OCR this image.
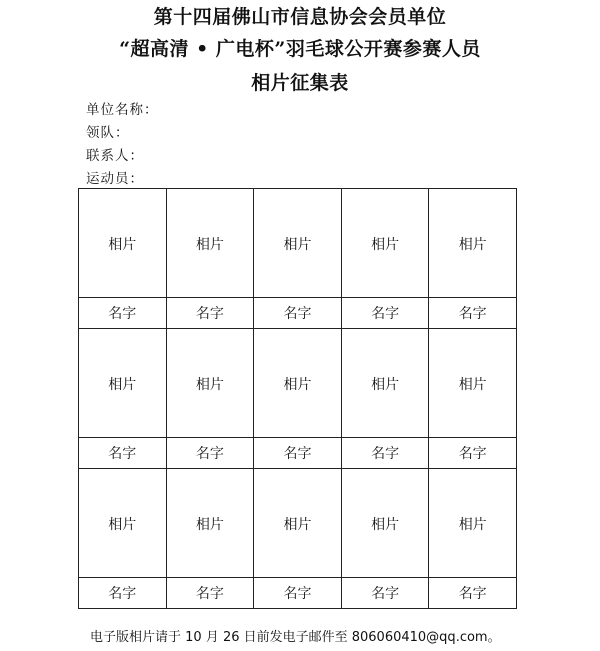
第十四届佛山市信息协会会员单位
“超高清 • 广电杯”羽毛球公开赛参赛人员
相片征集表
单位名称：
领队：
联系人：
运动员：
相片	相片	相片	相片	相片

名字	名字	名字	名字	名字

相片	相片	相片	相片	相片

名字	名字	名字	名字	名字

相片	相片	相片	相片	相片

名字	名字	名字	名字	名字
电子版相片请于 10 月 26 日前发电子邮件至 806060410@qq.com。
